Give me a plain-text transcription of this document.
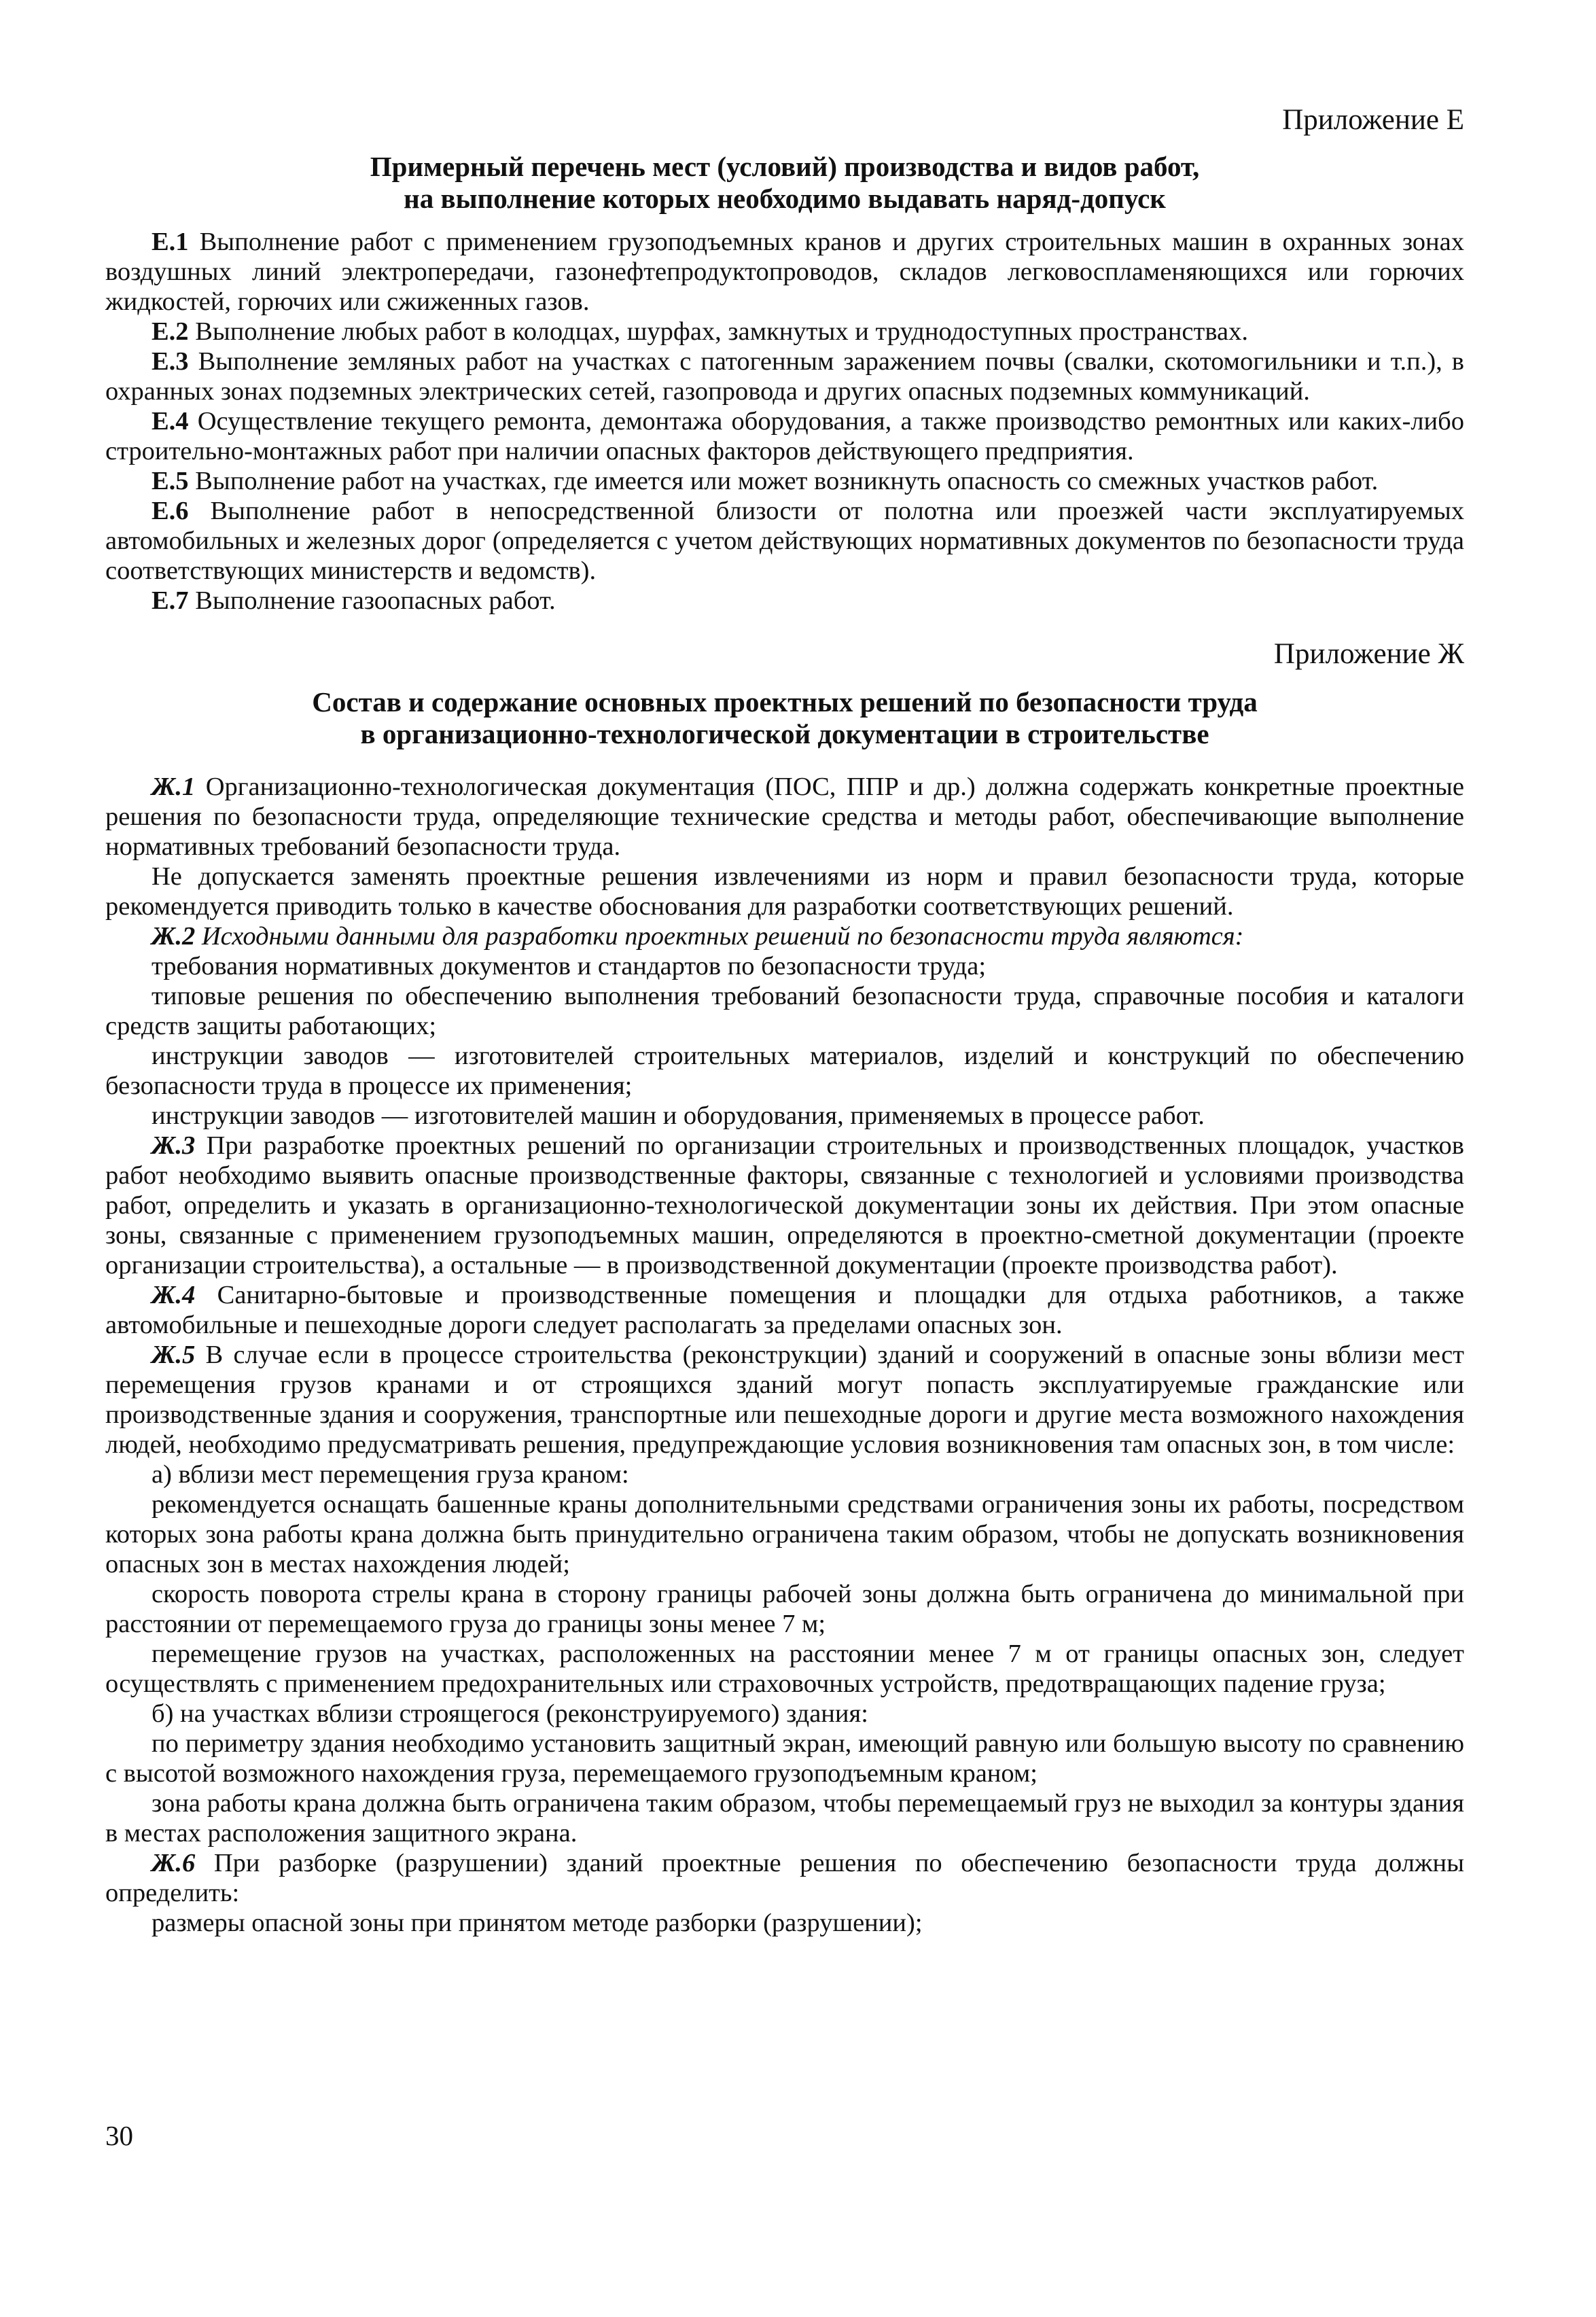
Приложение Е

Примерный перечень мест (условий) производства и видов работ,

на выполнение которых необходимо выдавать наряд-допуск

Е.1 Выполнение работ с применением грузоподъемных кранов и других строительных машин в охранных зонах воздушных линий электропередачи, газонефтепродуктопроводов, складов легковоспламеняющихся или горючих жидкостей, горючих или сжиженных газов.

Е.2 Выполнение любых работ в колодцах, шурфах, замкнутых и труднодоступных пространствах.

Е.3 Выполнение земляных работ на участках с патогенным заражением почвы (свалки, скотомогильники и т.п.), в охранных зонах подземных электрических сетей, газопровода и других опасных подземных коммуникаций.

Е.4 Осуществление текущего ремонта, демонтажа оборудования, а также производство ремонтных или каких-либо строительно-монтажных работ при наличии опасных факторов действующего предприятия.

Е.5 Выполнение работ на участках, где имеется или может возникнуть опасность со смежных участков работ.

Е.6 Выполнение работ в непосредственной близости от полотна или проезжей части эксплуатируемых автомобильных и железных дорог (определяется с учетом действующих нормативных документов по безопасности труда соответствующих министерств и ведомств).

Е.7 Выполнение газоопасных работ.

Приложение Ж

Состав и содержание основных проектных решений по безопасности труда

в организационно-технологической документации в строительстве

Ж.1 Организационно-технологическая документация (ПОС, ППР и др.) должна содержать конкретные проектные решения по безопасности труда, определяющие технические средства и методы работ, обеспечивающие выполнение нормативных требований безопасности труда.

Не допускается заменять проектные решения извлечениями из норм и правил безопасности труда, которые рекомендуется приводить только в качестве обоснования для разработки соответствующих решений.

Ж.2 Исходными данными для разработки проектных решений по безопасности труда являются:

требования нормативных документов и стандартов по безопасности труда;

типовые решения по обеспечению выполнения требований безопасности труда, справочные пособия и каталоги средств защиты работающих;

инструкции заводов — изготовителей строительных материалов, изделий и конструкций по обеспечению безопасности труда в процессе их применения;

инструкции заводов — изготовителей машин и оборудования, применяемых в процессе работ.

Ж.3 При разработке проектных решений по организации строительных и производственных площадок, участков работ необходимо выявить опасные производственные факторы, связанные с технологией и условиями производства работ, определить и указать в организационно-технологической документации зоны их действия. При этом опасные зоны, связанные с применением грузоподъемных машин, определяются в проектно-сметной документации (проекте организации строительства), а остальные — в производственной документации (проекте производства работ).

Ж.4 Санитарно-бытовые и производственные помещения и площадки для отдыха работников, а также автомобильные и пешеходные дороги следует располагать за пределами опасных зон.

Ж.5 В случае если в процессе строительства (реконструкции) зданий и сооружений в опасные зоны вблизи мест перемещения грузов кранами и от строящихся зданий могут попасть эксплуатируемые гражданские или производственные здания и сооружения, транспортные или пешеходные дороги и другие места возможного нахождения людей, необходимо предусматривать решения, предупреждающие условия возникновения там опасных зон, в том числе:

а) вблизи мест перемещения груза краном:

рекомендуется оснащать башенные краны дополнительными средствами ограничения зоны их работы, посредством которых зона работы крана должна быть принудительно ограничена таким образом, чтобы не допускать возникновения опасных зон в местах нахождения людей;

скорость поворота стрелы крана в сторону границы рабочей зоны должна быть ограничена до минимальной при расстоянии от перемещаемого груза до границы зоны менее 7 м;

перемещение грузов на участках, расположенных на расстоянии менее 7 м от границы опасных зон, следует осуществлять с применением предохранительных или страховочных устройств, предотвращающих падение груза;

б) на участках вблизи строящегося (реконструируемого) здания:

по периметру здания необходимо установить защитный экран, имеющий равную или большую высоту по сравнению с высотой возможного нахождения груза, перемещаемого грузоподъемным краном;

зона работы крана должна быть ограничена таким образом, чтобы перемещаемый груз не выходил за контуры здания в местах расположения защитного экрана.

Ж.6 При разборке (разрушении) зданий проектные решения по обеспечению безопасности труда должны определить:

размеры опасной зоны при принятом методе разборки (разрушении);

30
